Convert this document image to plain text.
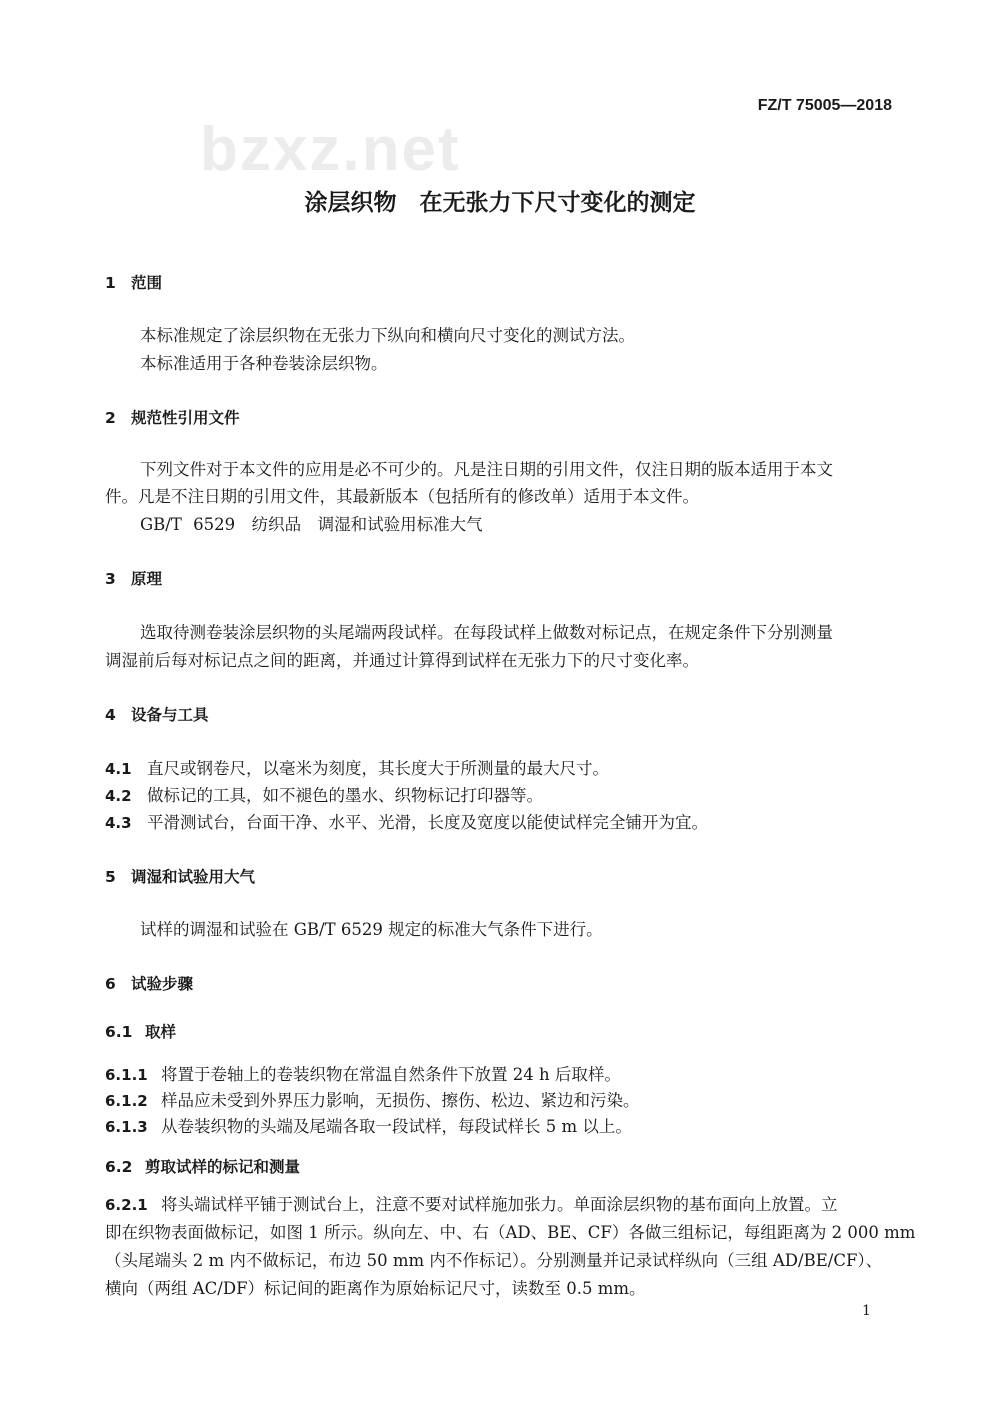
FZ/T 75005—2018
bzxz.net
涂层织物　在无张力下尺寸变化的测定
1 范围
本标准规定了涂层织物在无张力下纵向和横向尺寸变化的测试方法。
本标准适用于各种卷装涂层织物。
2 规范性引用文件
下列文件对于本文件的应用是必不可少的。凡是注日期的引用文件，仅注日期的版本适用于本文
件。凡是不注日期的引用文件，其最新版本（包括所有的修改单）适用于本文件。
GB/T 6529　纺织品　调湿和试验用标准大气
3 原理
选取待测卷装涂层织物的头尾端两段试样。在每段试样上做数对标记点，在规定条件下分别测量
调湿前后每对标记点之间的距离，并通过计算得到试样在无张力下的尺寸变化率。
4 设备与工具
4.1 直尺或钢卷尺，以毫米为刻度，其长度大于所测量的最大尺寸。
4.2 做标记的工具，如不褪色的墨水、织物标记打印器等。
4.3 平滑测试台，台面干净、水平、光滑，长度及宽度以能使试样完全铺开为宜。
5 调湿和试验用大气
试样的调湿和试验在 GB/T 6529 规定的标准大气条件下进行。
6 试验步骤
6.1 取样
6.1.1 将置于卷轴上的卷装织物在常温自然条件下放置 24 h 后取样。
6.1.2 样品应未受到外界压力影响，无损伤、擦伤、松边、紧边和污染。
6.1.3 从卷装织物的头端及尾端各取一段试样，每段试样长 5 m 以上。
6.2 剪取试样的标记和测量
6.2.1 将头端试样平铺于测试台上，注意不要对试样施加张力。单面涂层织物的基布面向上放置。立
即在织物表面做标记，如图 1 所示。纵向左、中、右（AD、BE、CF）各做三组标记，每组距离为 2 000 mm
（头尾端头 2 m 内不做标记，布边 50 mm 内不作标记）。分别测量并记录试样纵向（三组 AD/BE/CF）、
横向（两组 AC/DF）标记间的距离作为原始标记尺寸，读数至 0.5 mm。
1
